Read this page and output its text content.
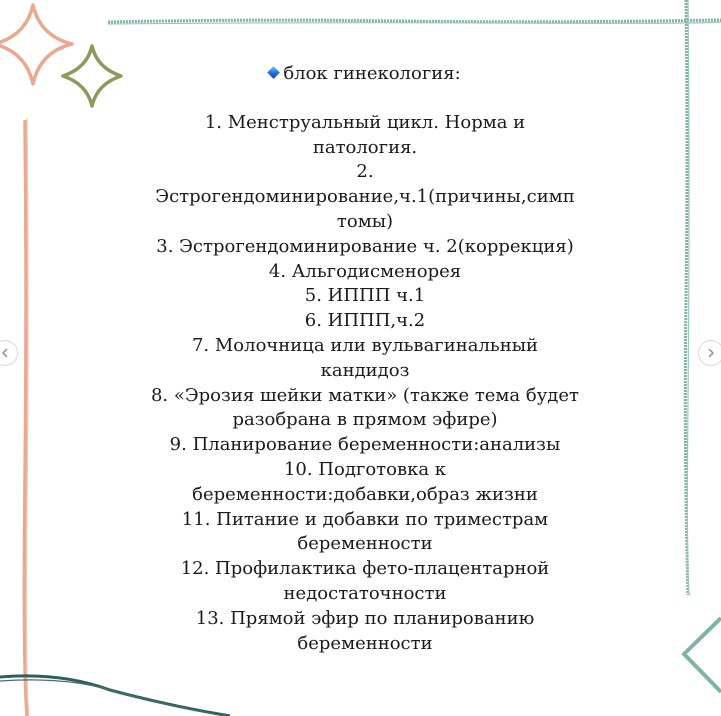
блок гинекология:
1. Менструальный цикл. Норма и
патология.
2.
Эстрогендоминирование,ч.1(причины,симп
томы)
3. Эстрогендоминирование ч. 2(коррекция)
4. Альгодисменорея
5. ИППП ч.1
6. ИППП,ч.2
7. Молочница или вульвагинальный
кандидоз
8. «Эрозия шейки матки» (также тема будет
разобрана в прямом эфире)
9. Планирование беременности:анализы
10. Подготовка к
беременности:добавки,образ жизни
11. Питание и добавки по триместрам
беременности
12. Профилактика фето-плацентарной
недостаточности
13. Прямой эфир по планированию
беременности
